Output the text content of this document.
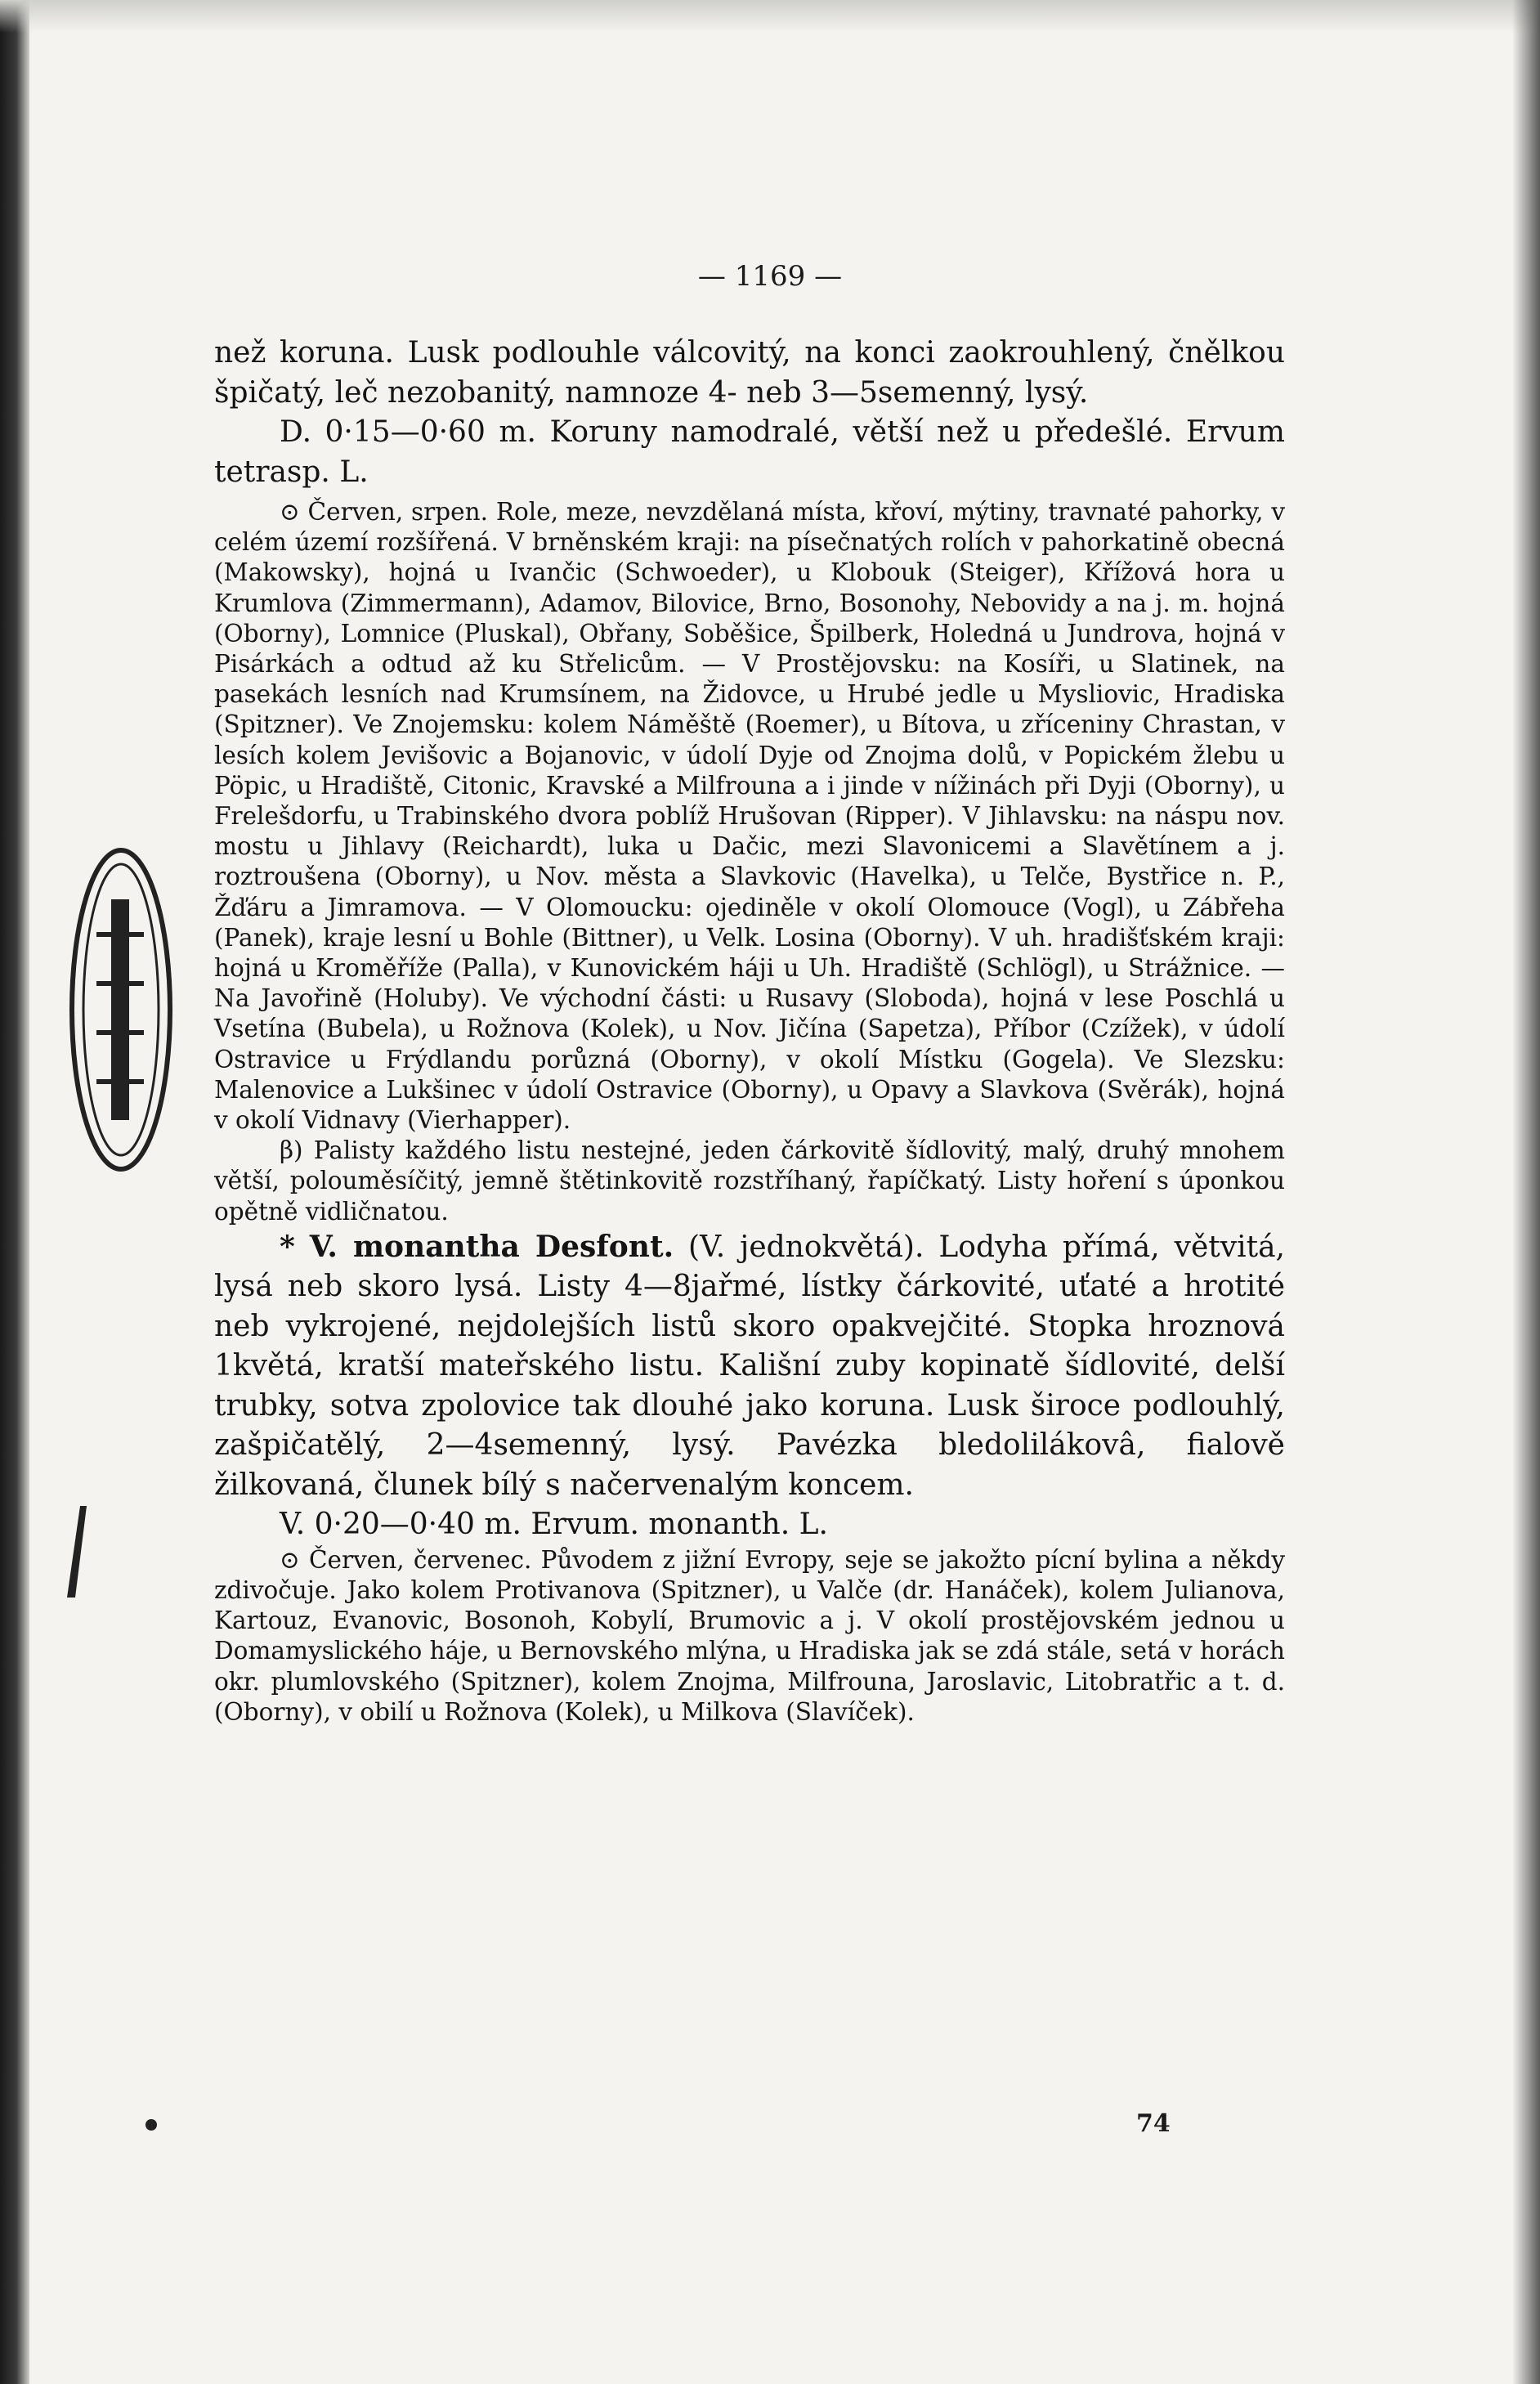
— 1169 —

než koruna. Lusk podlouhle válcovitý, na konci zaokrouhlený, čnělkou špičatý, leč nezobanitý, namnoze 4- neb 3—5semenný, lysý.

D. 0·15—0·60 m. Koruny namodralé, větší než u předešlé. Ervum tetrasp. L.

⊙ Červen, srpen. Role, meze, nevzdělaná místa, křoví, mýtiny, travnaté pahorky, v celém území rozšířená. V brněnském kraji: na písečnatých rolích v pahorkatině obecná (Makowsky), hojná u Ivančic (Schwoeder), u Klobouk (Steiger), Křížová hora u Krumlova (Zimmermann), Adamov, Bilovice, Brno, Bosonohy, Nebovidy a na j. m. hojná (Oborny), Lomnice (Pluskal), Obřany, Soběšice, Špilberk, Holedná u Jundrova, hojná v Pisárkách a odtud až ku Střelicům. — V Prostějovsku: na Kosíři, u Slatinek, na pasekách lesních nad Krumsínem, na Židovce, u Hrubé jedle u Mysliovic, Hradiska (Spitzner). Ve Znojemsku: kolem Náměště (Roemer), u Bítova, u zříceniny Chrastan, v lesích kolem Jevišovic a Bojanovic, v údolí Dyje od Znojma dolů, v Popickém žlebu u Pöpic, u Hradiště, Citonic, Kravské a Milfrouna a i jinde v nížinách při Dyji (Oborny), u Frelešdorfu, u Trabinského dvora poblíž Hrušovan (Ripper). V Jihlavsku: na náspu nov. mostu u Jihlavy (Reichardt), luka u Dačic, mezi Slavonicemi a Slavětínem a j. roztroušena (Oborny), u Nov. města a Slavkovic (Havelka), u Telče, Bystřice n. P., Žďáru a Jimramova. — V Olomoucku: ojediněle v okolí Olomouce (Vogl), u Zábřeha (Panek), kraje lesní u Bohle (Bittner), u Velk. Losina (Oborny). V uh. hradišťském kraji: hojná u Kroměříže (Palla), v Kunovickém háji u Uh. Hradiště (Schlögl), u Strážnice. — Na Javořině (Holuby). Ve východní části: u Rusavy (Sloboda), hojná v lese Poschlá u Vsetína (Bubela), u Rožnova (Kolek), u Nov. Jičína (Sapetza), Příbor (Czížek), v údolí Ostravice u Frýdlandu porůzná (Oborny), v okolí Místku (Gogela). Ve Slezsku: Malenovice a Lukšinec v údolí Ostravice (Oborny), u Opavy a Slavkova (Svěrák), hojná v okolí Vidnavy (Vierhapper).

β) Palisty každého listu nestejné, jeden čárkovitě šídlovitý, malý, druhý mnohem větší, polouměsíčitý, jemně štětinkovitě rozstříhaný, řapíčkatý. Listy hoření s úponkou opětně vidličnatou.

* V. monantha Desfont. (V. jednokvětá). Lodyha přímá, větvitá, lysá neb skoro lysá. Listy 4—8jařmé, lístky čárkovité, uťaté a hrotité neb vykrojené, nejdolejších listů skoro opakvejčité. Stopka hroznová 1květá, kratší mateřského listu. Kališní zuby kopinatě šídlovité, delší trubky, sotva zpolovice tak dlouhé jako koruna. Lusk široce podlouhlý, zašpičatělý, 2—4semenný, lysý. Pavézka bledolilákovâ, fialově žilkovaná, člunek bílý s načervenalým koncem.

V. 0·20—0·40 m. Ervum. monanth. L.

⊙ Červen, červenec. Původem z jižní Evropy, seje se jakožto pícní bylina a někdy zdivočuje. Jako kolem Protivanova (Spitzner), u Valče (dr. Hanáček), kolem Julianova, Kartouz, Evanovic, Bosonoh, Kobylí, Brumovic a j. V okolí prostějovském jednou u Domamyslického háje, u Bernovského mlýna, u Hradiska jak se zdá stále, setá v horách okr. plumlovského (Spitzner), kolem Znojma, Milfrouna, Jaroslavic, Litobratřic a t. d. (Oborny), v obilí u Rožnova (Kolek), u Milkova (Slavíček).

74
